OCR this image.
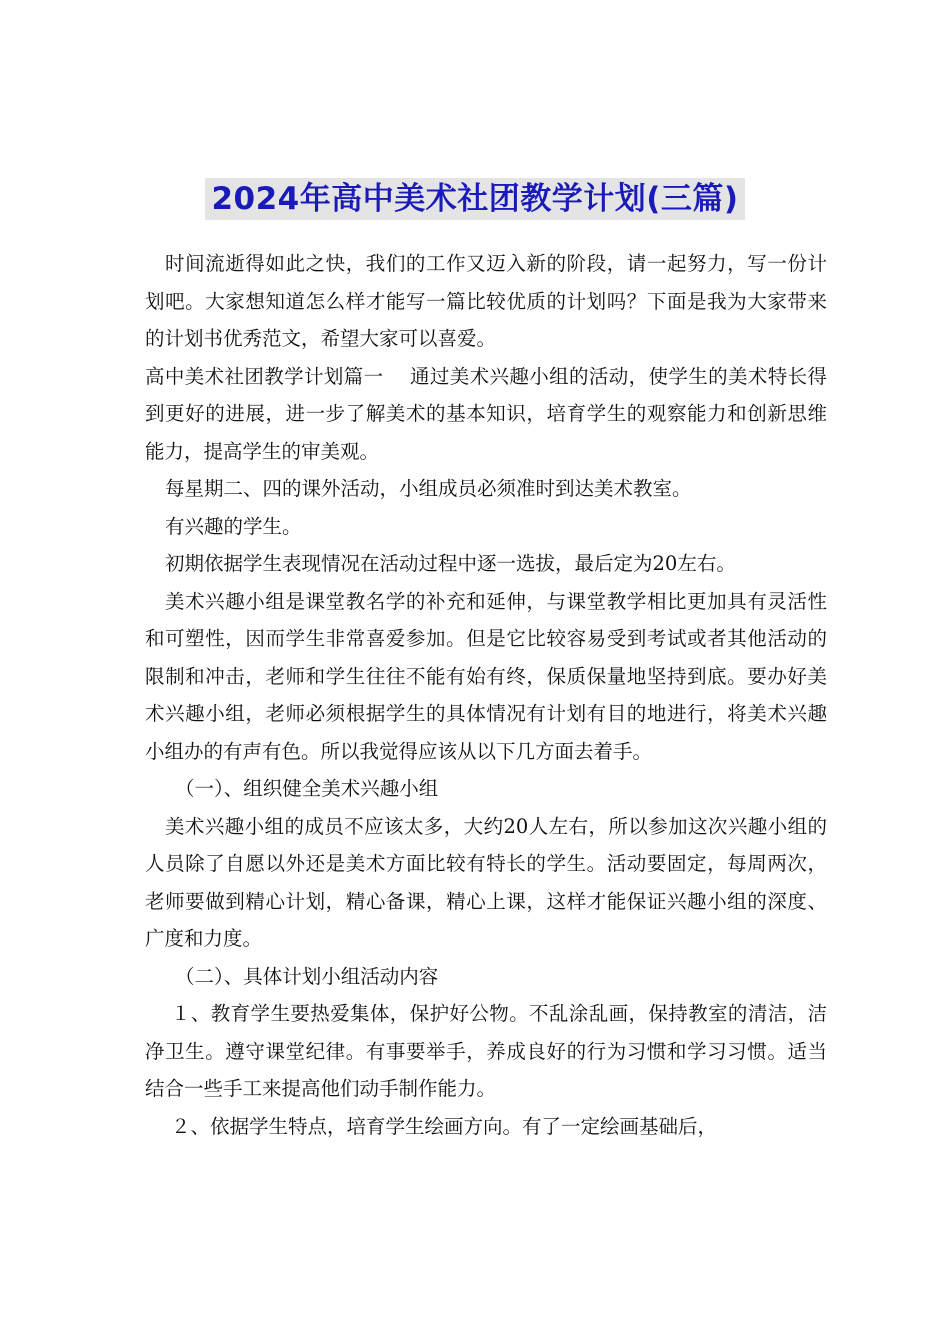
2024年高中美术社团教学计划(三篇)

时间流逝得如此之快，我们的工作又迈入新的阶段，请一起努力，写一份计划吧。大家想知道怎么样才能写一篇比较优质的计划吗？下面是我为大家带来的计划书优秀范文，希望大家可以喜爱。

高中美术社团教学计划篇一　 通过美术兴趣小组的活动，使学生的美术特长得到更好的进展，进一步了解美术的基本知识，培育学生的观察能力和创新思维能力，提高学生的审美观。

每星期二、四的课外活动，小组成员必须准时到达美术教室。

有兴趣的学生。

初期依据学生表现情况在活动过程中逐一选拔，最后定为20左右。

美术兴趣小组是课堂教名学的补充和延伸，与课堂教学相比更加具有灵活性和可塑性，因而学生非常喜爱参加。但是它比较容易受到考试或者其他活动的限制和冲击，老师和学生往往不能有始有终，保质保量地坚持到底。要办好美术兴趣小组，老师必须根据学生的具体情况有计划有目的地进行，将美术兴趣小组办的有声有色。所以我觉得应该从以下几方面去着手。

（一）、组织健全美术兴趣小组

美术兴趣小组的成员不应该太多，大约20人左右，所以参加这次兴趣小组的人员除了自愿以外还是美术方面比较有特长的学生。活动要固定，每周两次，老师要做到精心计划，精心备课，精心上课，这样才能保证兴趣小组的深度、广度和力度。

（二）、具体计划小组活动内容

１、教育学生要热爱集体，保护好公物。不乱涂乱画，保持教室的清洁，洁净卫生。遵守课堂纪律。有事要举手，养成良好的行为习惯和学习习惯。适当结合一些手工来提高他们动手制作能力。

２、依据学生特点，培育学生绘画方向。有了一定绘画基础后，
